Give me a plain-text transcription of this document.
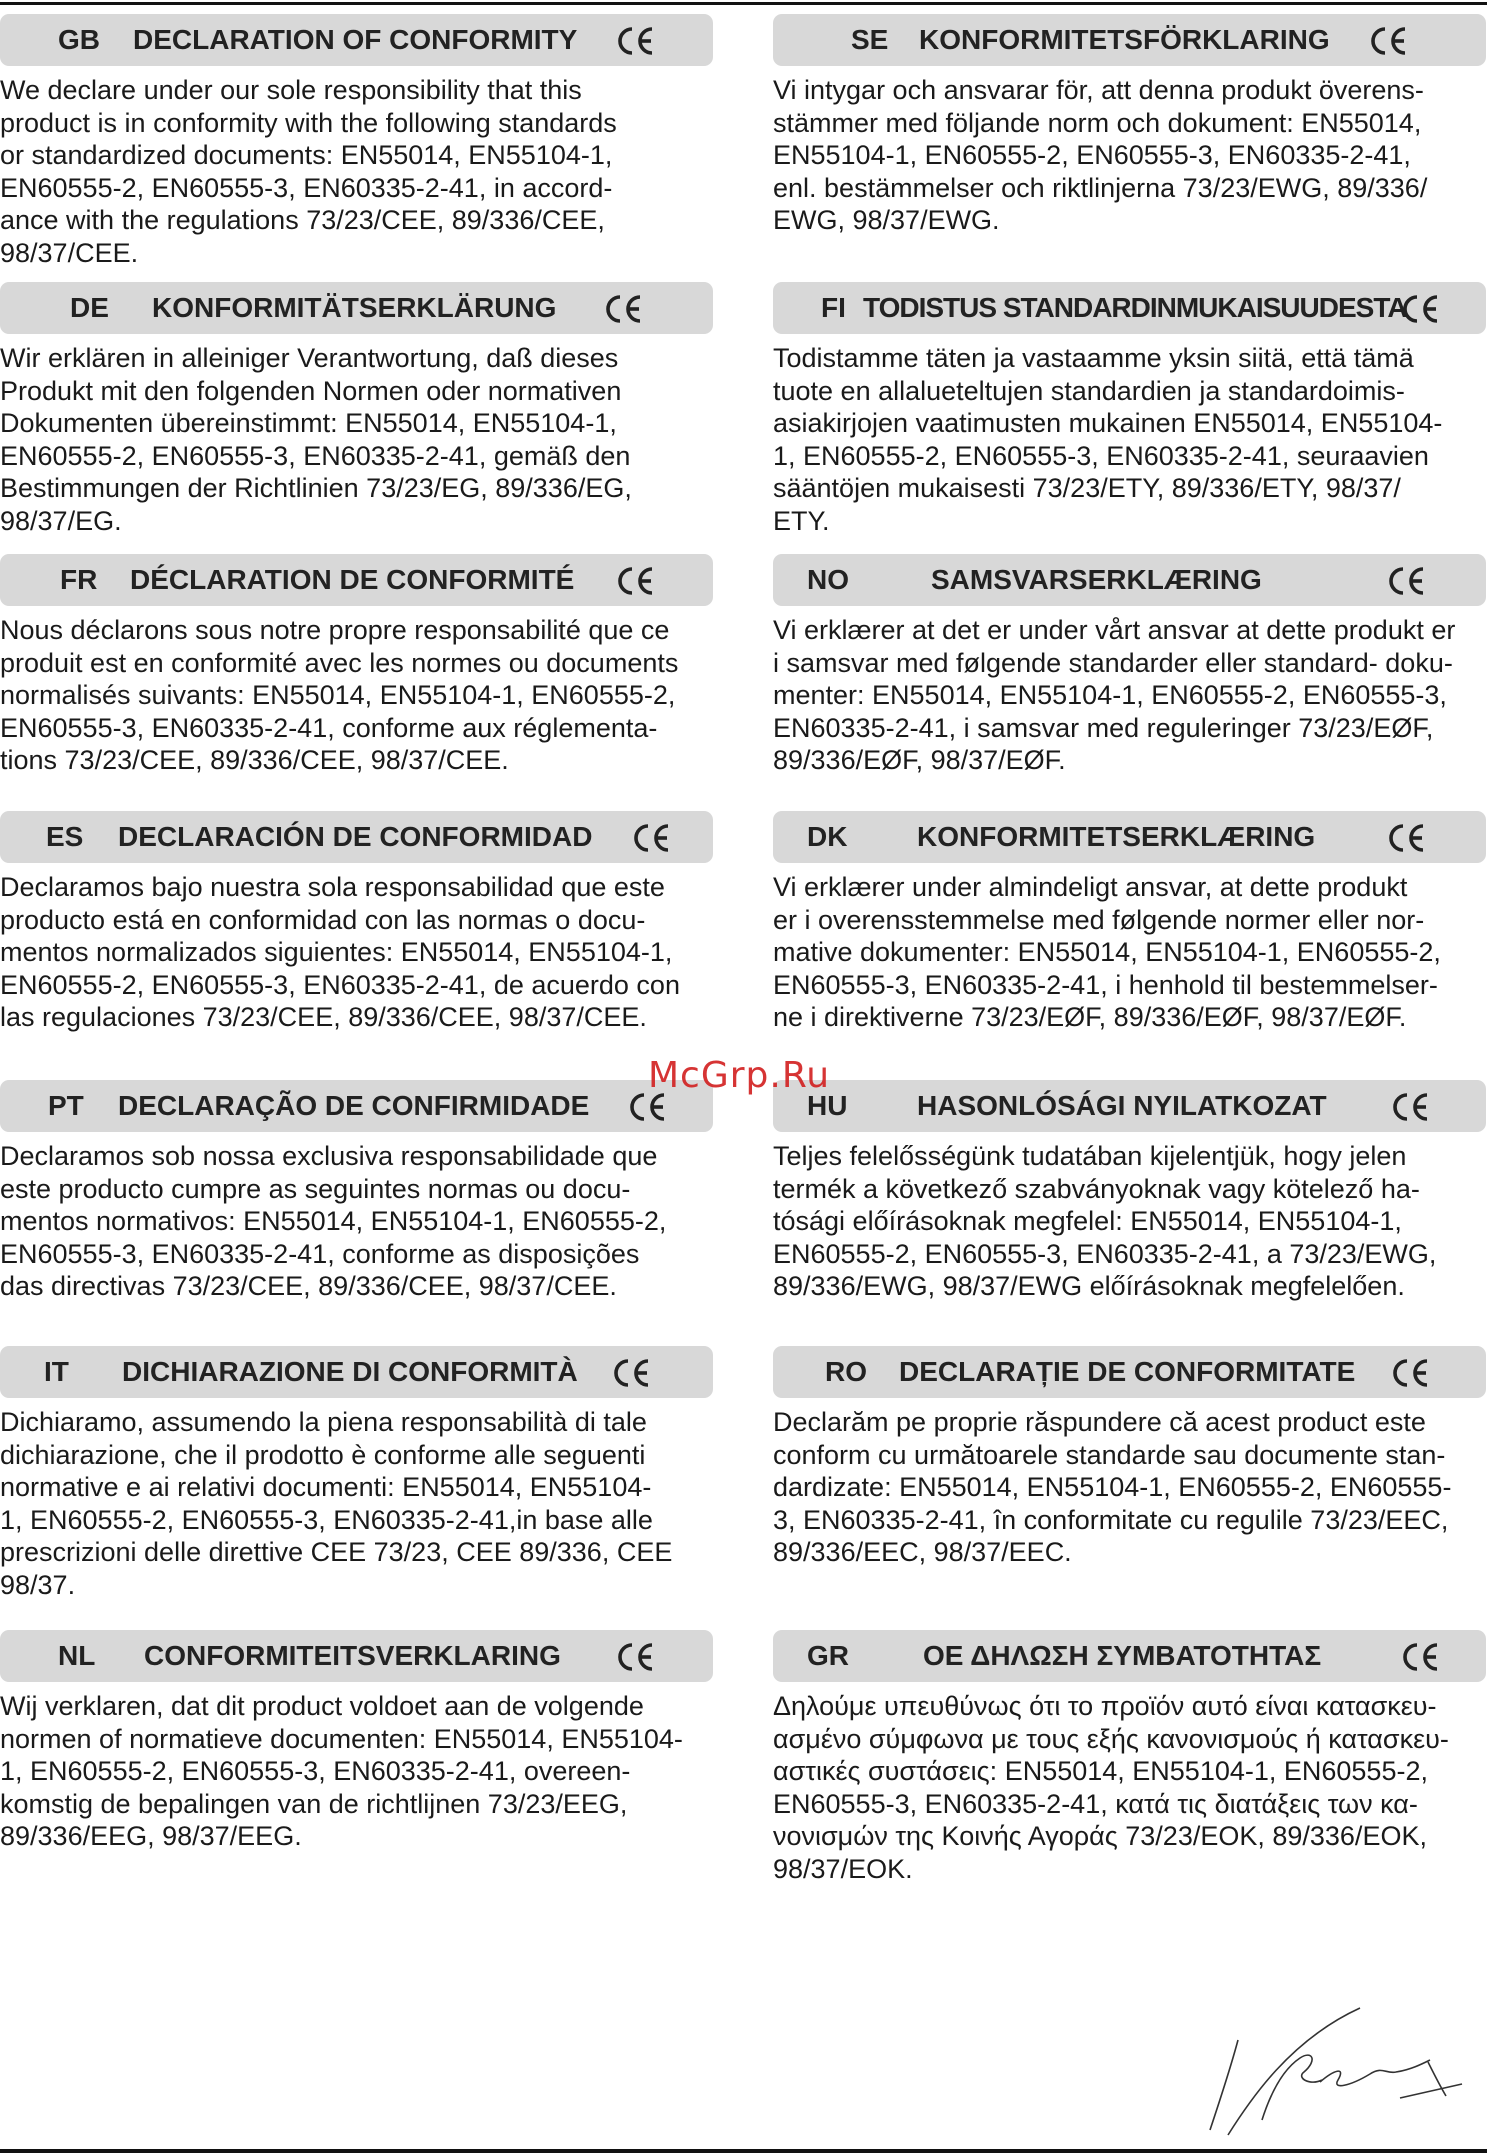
GB DECLARATION OF CONFORMITY
We declare under our sole responsibility that this
product is in conformity with the following standards
or standardized documents: EN55014, EN55104-1,
EN60555-2, EN60555-3, EN60335-2-41, in accord-
ance with the regulations 73/23/CEE, 89/336/CEE,
98/37/CEE.
DE KONFORMITÄTSERKLÄRUNG
Wir erklären in alleiniger Verantwortung, daß dieses
Produkt mit den folgenden Normen oder normativen
Dokumenten übereinstimmt: EN55014, EN55104-1,
EN60555-2, EN60555-3, EN60335-2-41, gemäß den
Bestimmungen der Richtlinien 73/23/EG, 89/336/EG,
98/37/EG.
FR DÉCLARATION DE CONFORMITÉ
Nous déclarons sous notre propre responsabilité que ce
produit est en conformité avec les normes ou documents
normalisés suivants: EN55014, EN55104-1, EN60555-2,
EN60555-3, EN60335-2-41, conforme aux réglementa-
tions 73/23/CEE, 89/336/CEE, 98/37/CEE.
ES DECLARACIÓN DE CONFORMIDAD
Declaramos bajo nuestra sola responsabilidad que este
producto está en conformidad con las normas o docu-
mentos normalizados siguientes: EN55014, EN55104-1,
EN60555-2, EN60555-3, EN60335-2-41, de acuerdo con
las regulaciones 73/23/CEE, 89/336/CEE, 98/37/CEE.
PT DECLARAÇÃO DE CONFIRMIDADE
Declaramos sob nossa exclusiva responsabilidade que
este producto cumpre as seguintes normas ou docu-
mentos normativos: EN55014, EN55104-1, EN60555-2,
EN60555-3, EN60335-2-41, conforme as disposições
das directivas 73/23/CEE, 89/336/CEE, 98/37/CEE.
IT DICHIARAZIONE DI CONFORMITÀ
Dichiaramo, assumendo la piena responsabilità di tale
dichiarazione, che il prodotto è conforme alle seguenti
normative e ai relativi documenti: EN55014, EN55104-
1, EN60555-2, EN60555-3, EN60335-2-41,in base alle
prescrizioni delle direttive CEE 73/23, CEE 89/336, CEE
98/37.
NL CONFORMITEITSVERKLARING
Wij verklaren, dat dit product voldoet aan de volgende
normen of normatieve documenten: EN55014, EN55104-
1, EN60555-2, EN60555-3, EN60335-2-41, overeen-
komstig de bepalingen van de richtlijnen 73/23/EEG,
89/336/EEG, 98/37/EEG.
SE KONFORMITETSFÖRKLARING
Vi intygar och ansvarar för, att denna produkt överens-
stämmer med följande norm och dokument: EN55014,
EN55104-1, EN60555-2, EN60555-3, EN60335-2-41,
enl. bestämmelser och riktlinjerna 73/23/EWG, 89/336/
EWG, 98/37/EWG.
FI TODISTUS STANDARDINMUKAISUUDESTA
Todistamme täten ja vastaamme yksin siitä, että tämä
tuote en allalueteltujen standardien ja standardoimis-
asiakirjojen vaatimusten mukainen EN55014, EN55104-
1, EN60555-2, EN60555-3, EN60335-2-41, seuraavien
sääntöjen mukaisesti 73/23/ETY, 89/336/ETY, 98/37/
ETY.
NO	SAMSVARSERKLÆRING
Vi erklærer at det er under vårt ansvar at dette produkt er
i samsvar med følgende standarder eller standard- doku-
menter: EN55014, EN55104-1, EN60555-2, EN60555-3,
EN60335-2-41, i samsvar med reguleringer 73/23/EØF,
89/336/EØF, 98/37/EØF.
DK KONFORMITETSERKLÆRING
Vi erklærer under almindeligt ansvar, at dette produkt
er i overensstemmelse med følgende normer eller nor-
mative dokumenter: EN55014, EN55104-1, EN60555-2,
EN60555-3, EN60335-2-41, i henhold til bestemmelser-
ne i direktiverne 73/23/EØF, 89/336/EØF, 98/37/EØF.
HU HASONLÓSÁGI NYILATKOZAT
Teljes felelősségünk tudatában kijelentjük, hogy jelen
termék a következő szabványoknak vagy kötelező ha-
tósági előírásoknak megfelel: EN55014, EN55104-1,
EN60555-2, EN60555-3, EN60335-2-41, a 73/23/EWG,
89/336/EWG, 98/37/EWG előírásoknak megfelelően.
RO DECLARAȚIE DE CONFORMITATE
Declarăm pe proprie răspundere că acest product este
conform cu următoarele standarde sau documente stan-
dardizate: EN55014, EN55104-1, EN60555-2, EN60555-
3, EN60335-2-41, în conformitate cu regulile 73/23/EEC,
89/336/EEC, 98/37/EEC.
GR	ΟΕ ΔΗΛΩΣΗ ΣΥΜΒΑΤΟΤΗΤΑΣ
Δηλούμε υπευθύνως ότι το προϊόν αυτό είναι κατασκευ-
ασμένο σύμφωνα με τους εξής κανονισμούς ή κατασκευ-
αστικές συστάσεις: EN55014, EN55104-1, EN60555-2,
EN60555-3, EN60335-2-41, κατά τις διατάξεις των κα-
νονισμών της Κοινής Αγοράς 73/23/ΕΟΚ, 89/336/ΕΟΚ,
98/37/ΕΟΚ.
McGrp.Ru
